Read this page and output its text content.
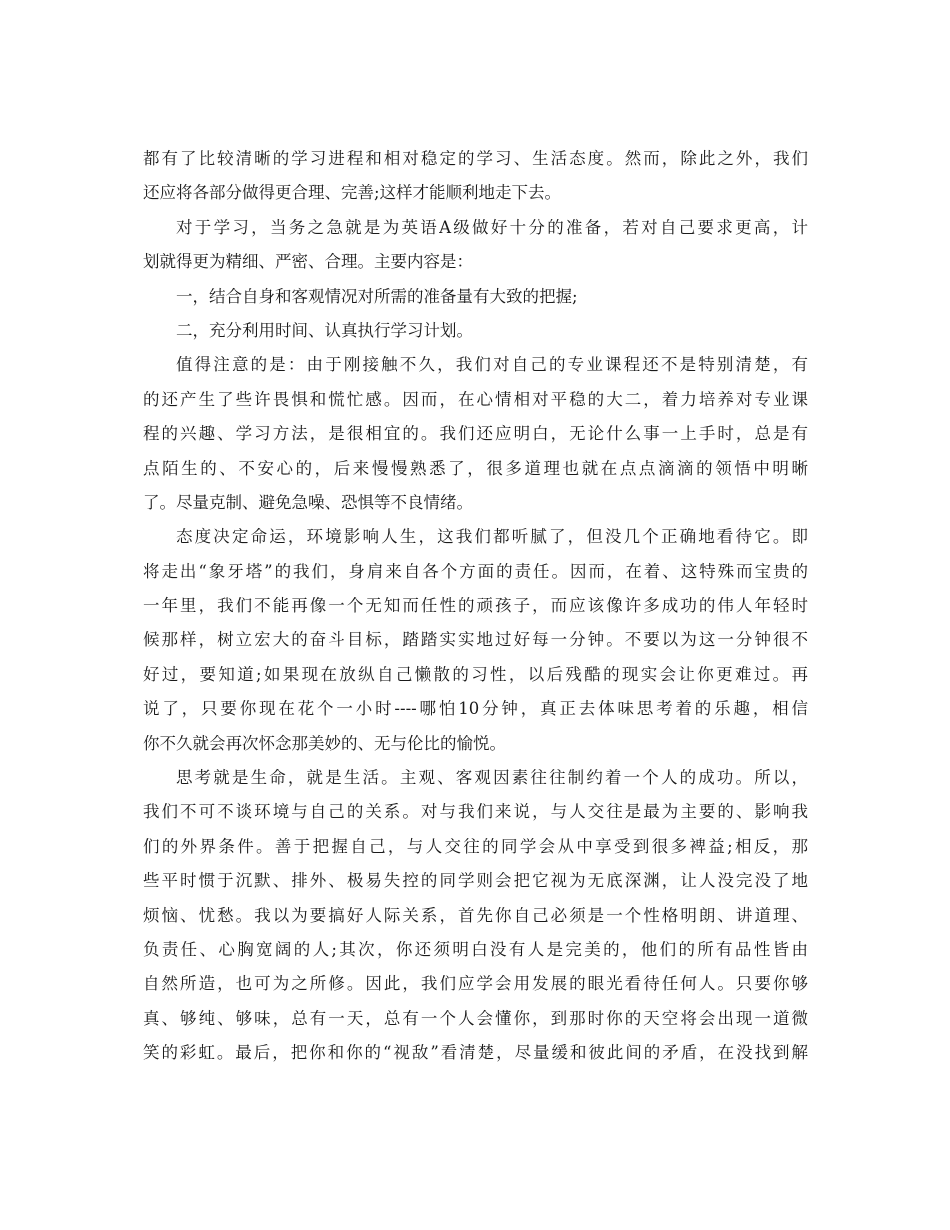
都有了比较清晰的学习进程和相对稳定的学习、生活态度。然而，除此之外，我们
还应将各部分做得更合理、完善;这样才能顺利地走下去。
对于学习，当务之急就是为英语A级做好十分的准备，若对自己要求更高，计
划就得更为精细、严密、合理。主要内容是：
一，结合自身和客观情况对所需的准备量有大致的把握;
二，充分利用时间、认真执行学习计划。
值得注意的是：由于刚接触不久，我们对自己的专业课程还不是特别清楚，有
的还产生了些许畏惧和慌忙感。因而，在心情相对平稳的大二，着力培养对专业课
程的兴趣、学习方法，是很相宜的。我们还应明白，无论什么事一上手时，总是有
点陌生的、不安心的，后来慢慢熟悉了，很多道理也就在点点滴滴的领悟中明晰
了。尽量克制、避免急噪、恐惧等不良情绪。
态度决定命运，环境影响人生，这我们都听腻了，但没几个正确地看待它。即
将走出“象牙塔”的我们，身肩来自各个方面的责任。因而，在着、这特殊而宝贵的
一年里，我们不能再像一个无知而任性的顽孩子，而应该像许多成功的伟人年轻时
候那样，树立宏大的奋斗目标，踏踏实实地过好每一分钟。不要以为这一分钟很不
好过，要知道;如果现在放纵自己懒散的习性，以后残酷的现实会让你更难过。再
说了，只要你现在花个一小时----哪怕10分钟，真正去体味思考着的乐趣，相信
你不久就会再次怀念那美妙的、无与伦比的愉悦。
思考就是生命，就是生活。主观、客观因素往往制约着一个人的成功。所以，
我们不可不谈环境与自己的关系。对与我们来说，与人交往是最为主要的、影响我
们的外界条件。善于把握自己，与人交往的同学会从中享受到很多裨益;相反，那
些平时惯于沉默、排外、极易失控的同学则会把它视为无底深渊，让人没完没了地
烦恼、忧愁。我以为要搞好人际关系，首先你自己必须是一个性格明朗、讲道理、
负责任、心胸宽阔的人;其次，你还须明白没有人是完美的，他们的所有品性皆由
自然所造，也可为之所修。因此，我们应学会用发展的眼光看待任何人。只要你够
真、够纯、够味，总有一天，总有一个人会懂你，到那时你的天空将会出现一道微
笑的彩虹。最后，把你和你的“视敌”看清楚，尽量缓和彼此间的矛盾，在没找到解
